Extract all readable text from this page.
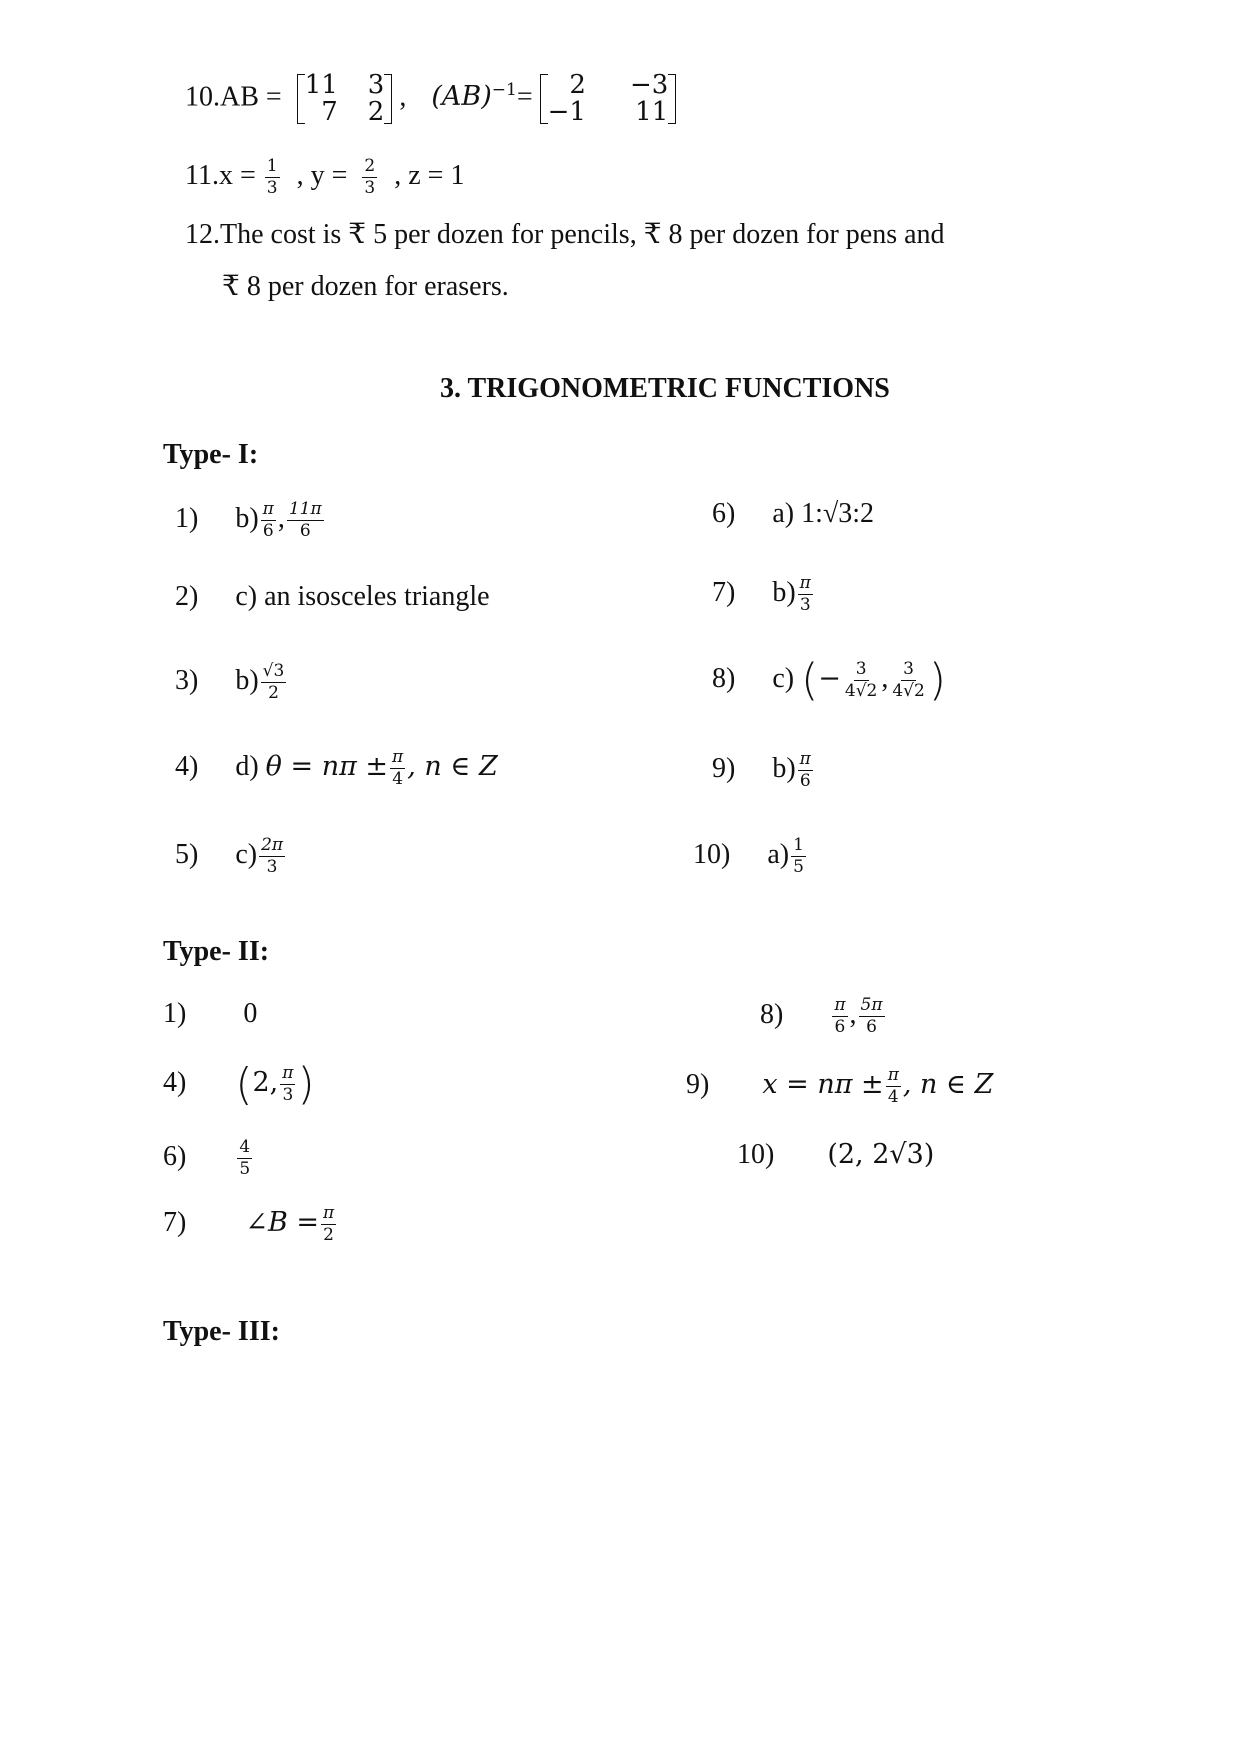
10.AB = 11 3
7 2 , (AB)$^{-1}$=	2 −3
−1 11
$11.x = \frac{1}{3}$ , $y = \frac{2}{3}$ , z = 1
12.The cost is ₹ 5 per dozen for pencils, ₹ 8 per dozen for pens and
₹ 8 per dozen for erasers.
3. TRIGONOMETRIC FUNCTIONS
Type- I:
1) $b) \frac{\pi}{6}$ , $\frac{11\pi}{6}$
2) c) an isosceles triangle
3) $b) \frac{√3}{2}$
4) d) $\theta = n\pi \pm \frac{\pi}{4}$ , n ∈ Z
5) $c) \frac{2\pi}{3}$
6) a) 1:√3:2
7) $b) \frac{\pi}{3}$
8) c) (− $\frac{3}{4√2}$ , $\frac{3}{4√2}$ )
9) $b) \frac{\pi}{6}$
10) $a) \frac{1}{5}$
Type- II:
1) 0
4) (2, $\frac{\pi}{3}$ )
6)	$\frac{4}{5}$
7) ∠B = $\frac{\pi}{2}$
8)	$\frac{\pi}{6}$ , $\frac{5\pi}{6}$
9) $x = n\pi \pm \frac{\pi}{4}$ , n ∈ Z
10) (2, 2√3)
Type- III:
